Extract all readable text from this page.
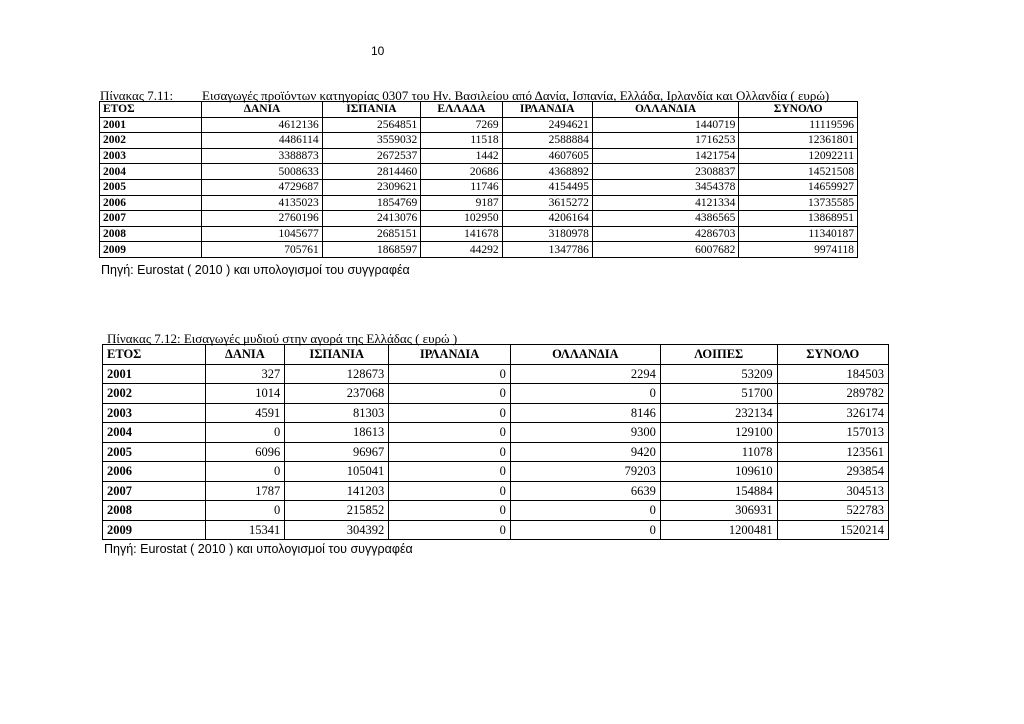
10
Πίνακας 7.11: Εισαγωγές προϊόντων κατηγορίας 0307 του Ην. Βασιλείου από Δανία, Ισπανία, Ελλάδα, Ιρλανδία και Ολλανδία ( ευρώ)
ΕΤΟΣ	ΔΑΝΙΑ	ΙΣΠΑΝΙΑ	ΕΛΛΑΔΑ	ΙΡΛΑΝΔΙΑ	ΟΛΛΑΝΔΙΑ	ΣΥΝΟΛΟ
2001	4612136	2564851	7269	2494621	1440719	11119596
2002	4486114	3559032	11518	2588884	1716253	12361801
2003	3388873	2672537	1442	4607605	1421754	12092211
2004	5008633	2814460	20686	4368892	2308837	14521508
2005	4729687	2309621	11746	4154495	3454378	14659927
2006	4135023	1854769	9187	3615272	4121334	13735585
2007	2760196	2413076	102950	4206164	4386565	13868951
2008	1045677	2685151	141678	3180978	4286703	11340187
2009	705761	1868597	44292	1347786	6007682	9974118
Πηγή: Eurostat ( 2010 ) και υπολογισμοί του συγγραφέα
Πίνακας 7.12: Εισαγωγές μυδιού στην αγορά της Ελλάδας ( ευρώ )
ΕΤΟΣ	ΔΑΝΙΑ	ΙΣΠΑΝΙΑ	ΙΡΛΑΝΔΙΑ	ΟΛΛΑΝΔΙΑ	ΛΟΙΠΕΣ	ΣΥΝΟΛΟ
2001	327	128673	0	2294	53209	184503
2002	1014	237068	0	0	51700	289782
2003	4591	81303	0	8146	232134	326174
2004	0	18613	0	9300	129100	157013
2005	6096	96967	0	9420	11078	123561
2006	0	105041	0	79203	109610	293854
2007	1787	141203	0	6639	154884	304513
2008	0	215852	0	0	306931	522783
2009	15341	304392	0	0	1200481	1520214
Πηγή: Eurostat ( 2010 ) και υπολογισμοί του συγγραφέα
